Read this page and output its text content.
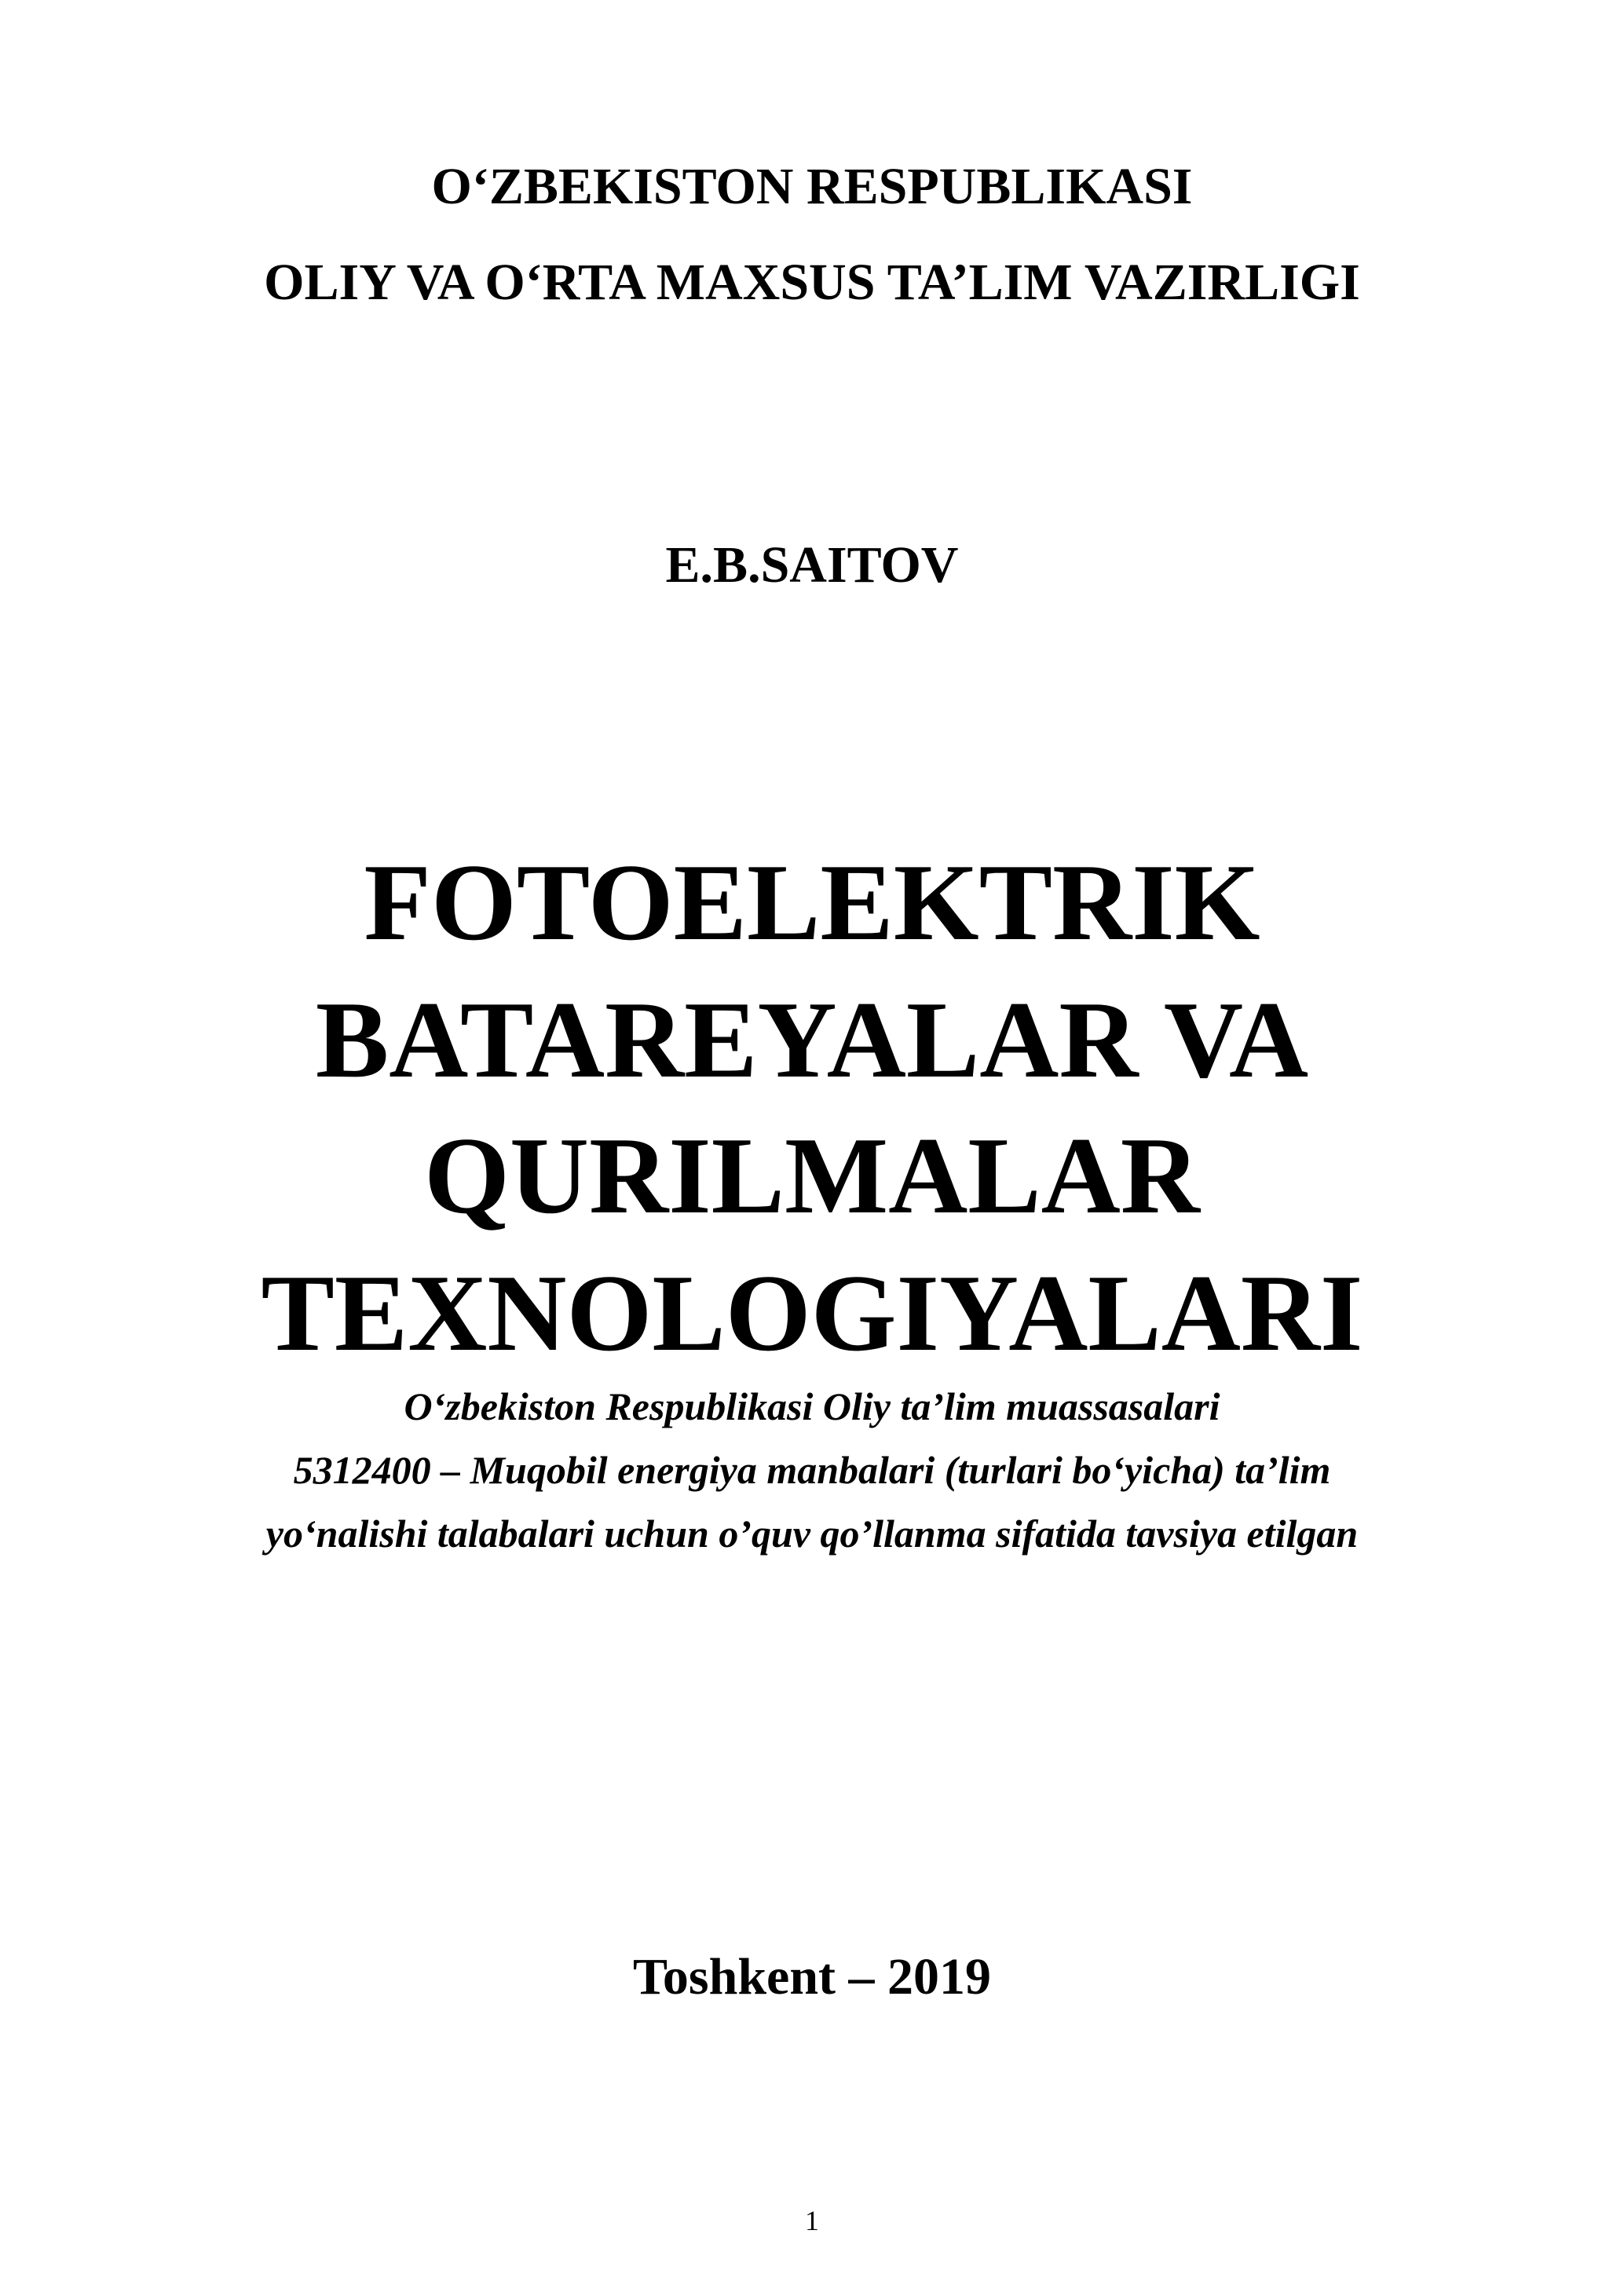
O‘ZBEKISTON RESPUBLIKASI
OLIY VA O‘RTA MAXSUS TA’LIM VAZIRLIGI
E.B.SAITOV
FOTOELEKTRIK
BATAREYALAR VA
QURILMALAR
TEXNOLOGIYALARI
O‘zbekiston Respublikasi Oliy ta’lim muassasalari
5312400 – Muqobil energiya manbalari (turlari bo‘yicha) ta’lim
yo‘nalishi talabalari uchun o’quv qo’llanma sifatida tavsiya etilgan
Toshkent – 2019
1
